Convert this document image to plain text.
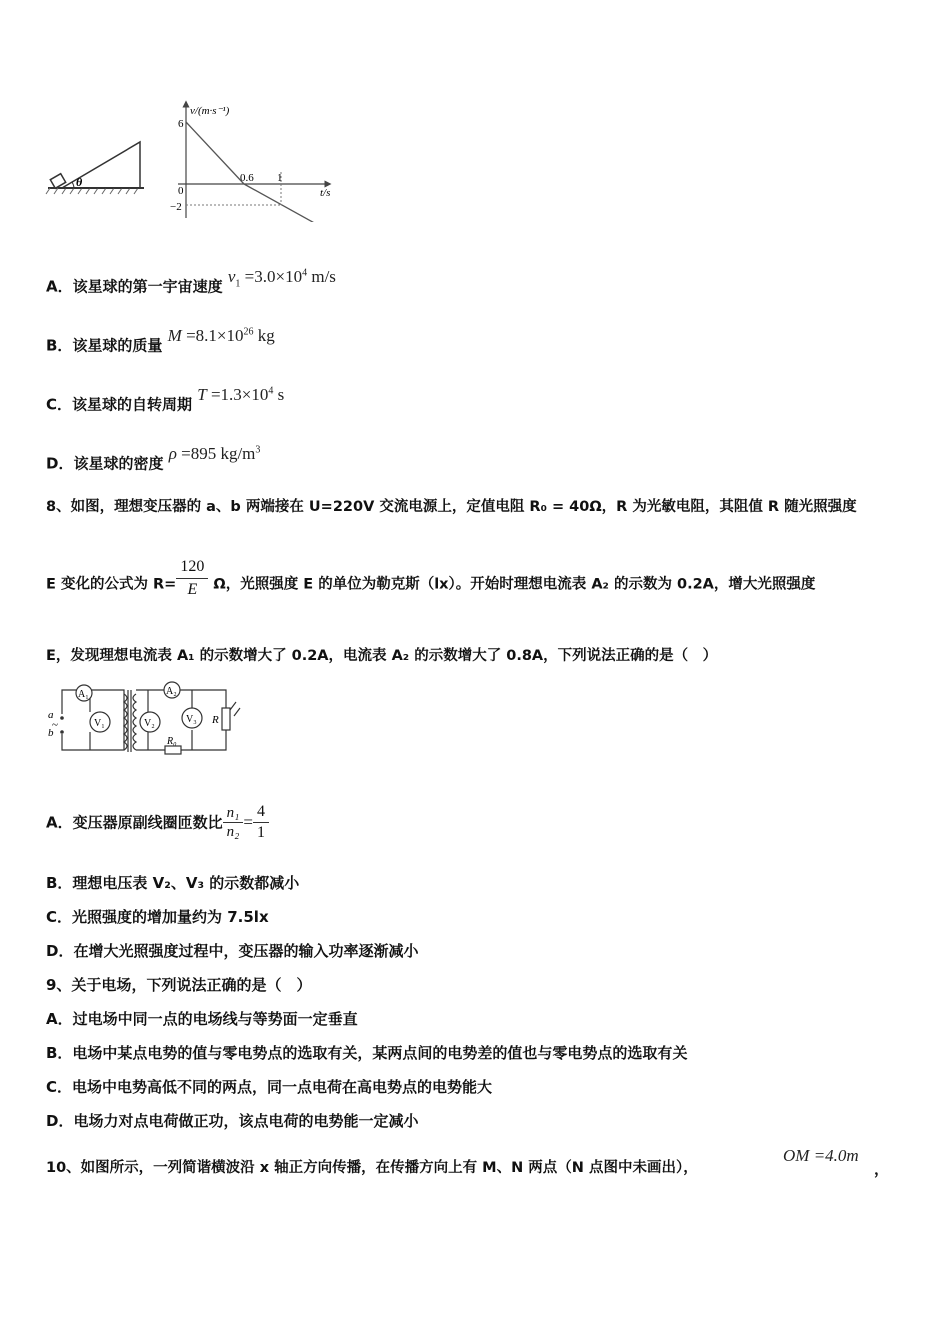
θ
v/(m·s⁻¹)
t/s
6
0
−2
0.6 1
A．该星球的第一宇宙速度 $v_1 =3.0\times 10^4$ m/s
B．该星球的质量 $M =8.1\times 10^{26}$ kg
C．该星球的自转周期 $T =1.3\times 10^4$ s
D．该星球的密度 ρ =895 $kg/m^3$
8、如图，理想变压器的 a、b 两端接在 U=220V 交流电源上，定值电阻 R₀ = 40Ω，R 为光敏电阻，其阻值 R 随光照强度
E 变化的公式为 $R= \frac{120}{E}$ Ω，光照强度 E 的单位为勒克斯（lx）。开始时理想电流表 A₂ 的示数为 0.2A，增大光照强度
E，发现理想电流表 A₁ 的示数增大了 0.2A，电流表 A₂ 的示数增大了 0.8A，下列说法正确的是（　）
A₁
V₁
A₂
V₂	V₃ R
R₀
a
~
b
A．变压器原副线圈匝数比 $\frac{\text{n₁}}{\text{n₂}} = \frac{4}{1}$
B．理想电压表 V₂、V₃ 的示数都减小
C．光照强度的增加量约为 7.5lx
D．在增大光照强度过程中，变压器的输入功率逐渐减小
9、关于电场，下列说法正确的是（　）
A．过电场中同一点的电场线与等势面一定垂直
B．电场中某点电势的值与零电势点的选取有关，某两点间的电势差的值也与零电势点的选取有关
C．电场中电势高低不同的两点，同一点电荷在高电势点的电势能大
D．电场力对点电荷做正功，该点电荷的电势能一定减小
10、如图所示，一列简谐横波沿 x 轴正方向传播，在传播方向上有 M、N 两点（N 点图中未画出），
OM =4.0m
，
